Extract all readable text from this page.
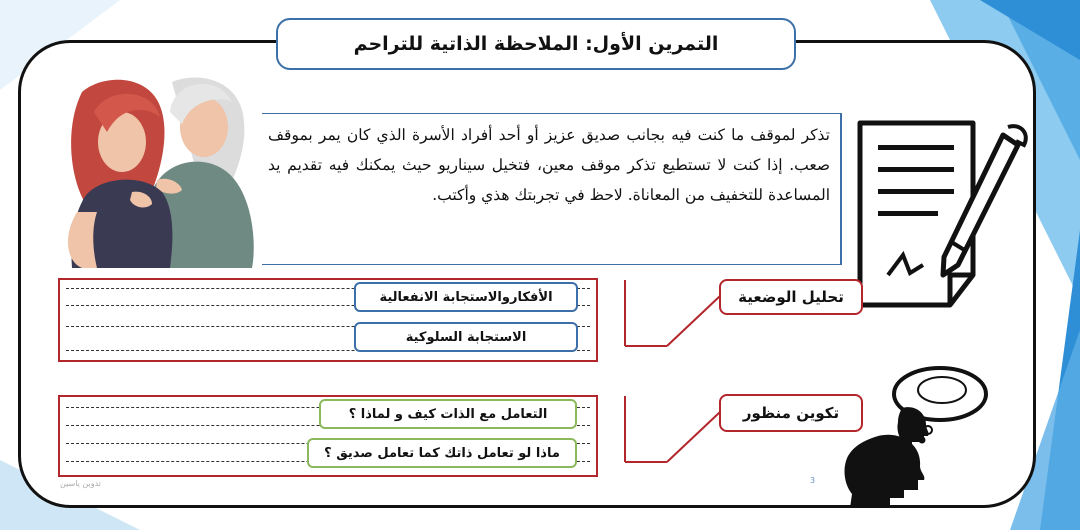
التمرين الأول: الملاحظة الذاتية للتراحم
تذكر لموقف ما كنت فيه بجانب صديق عزيز أو أحد أفراد الأسرة الذي كان يمر بموقف صعب. إذا كنت لا تستطيع تذكر موقف معين، فتخيل سيناريو حيث يمكنك فيه تقديم يد المساعدة للتخفيف من المعاناة. لاحظ في تجربتك هذي وأكتب.
الأفكاروالاستجابة الانفعالية
الاستجابة السلوكية
تحليل الوضعية
التعامل مع الذات كيف و لماذا ؟
ماذا لو تعامل ذاتك كما تعامل صديق ؟
تكوين منظور
تدوين ياسين	3
